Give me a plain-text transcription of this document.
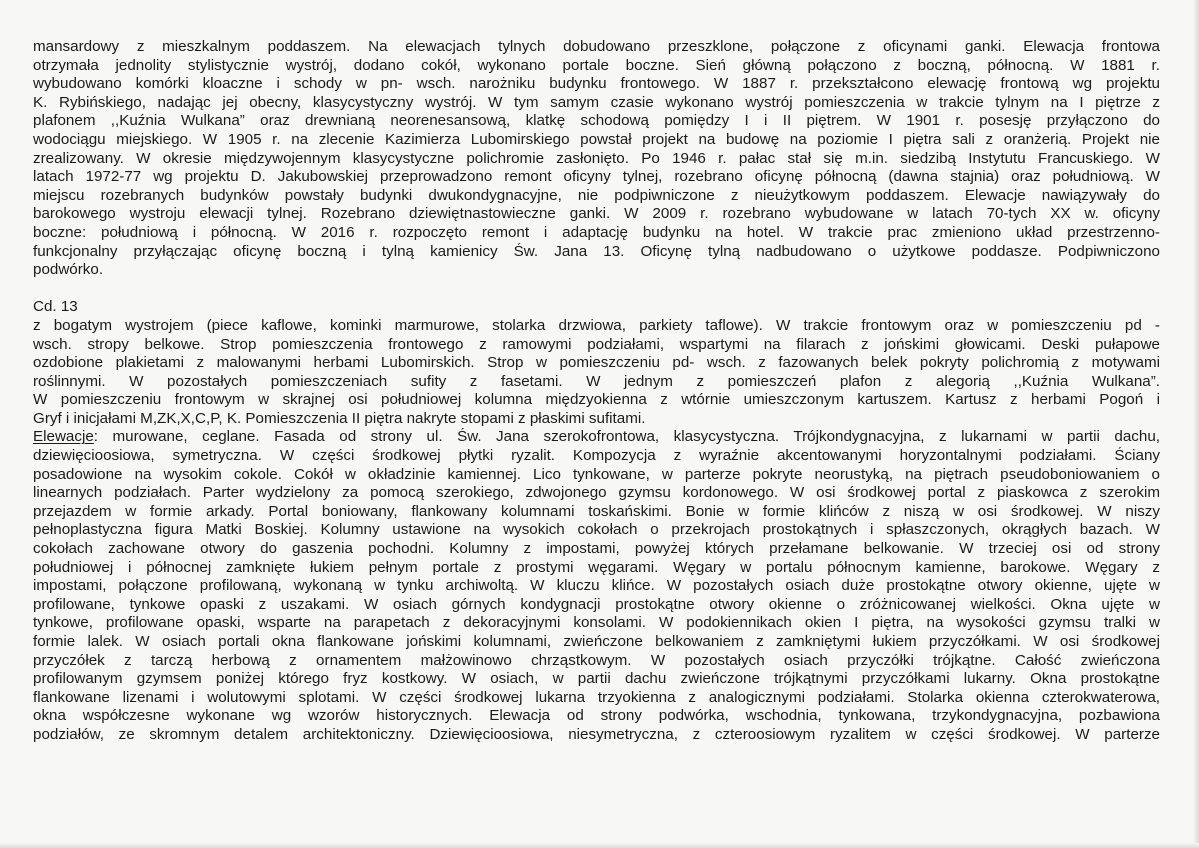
mansardowy z mieszkalnym poddaszem. Na elewacjach tylnych dobudowano przeszklone, połączone z oficynami ganki. Elewacja frontowa
otrzymała jednolity stylistycznie wystrój, dodano cokół, wykonano portale boczne. Sień główną połączono z boczną, północną. W 1881 r.
wybudowano komórki kloaczne i schody w pn- wsch. narożniku budynku frontowego. W 1887 r. przekształcono elewację frontową wg projektu
K. Rybińskiego, nadając jej obecny, klasycystyczny wystrój. W tym samym czasie wykonano wystrój pomieszczenia w trakcie tylnym na I piętrze z
plafonem ,,Kuźnia Wulkana” oraz drewnianą neorenesansową, klatkę schodową pomiędzy I i II piętrem. W 1901 r. posesję przyłączono do
wodociągu miejskiego. W 1905 r. na zlecenie Kazimierza Lubomirskiego powstał projekt na budowę na poziomie I piętra sali z oranżerią. Projekt nie
zrealizowany. W okresie międzywojennym klasycystyczne polichromie zasłonięto. Po 1946 r. pałac stał się m.in. siedzibą Instytutu Francuskiego. W
latach 1972-77 wg projektu D. Jakubowskiej przeprowadzono remont oficyny tylnej, rozebrano oficynę północną (dawna stajnia) oraz południową. W
miejscu rozebranych budynków powstały budynki dwukondygnacyjne, nie podpiwniczone z nieużytkowym poddaszem. Elewacje nawiązywały do
barokowego wystroju elewacji tylnej. Rozebrano dziewiętnastowieczne ganki. W 2009 r. rozebrano wybudowane w latach 70-tych XX w. oficyny
boczne: południową i północną. W 2016 r. rozpoczęto remont i adaptację budynku na hotel. W trakcie prac zmieniono układ przestrzenno-
funkcjonalny przyłączając oficynę boczną i tylną kamienicy Św. Jana 13. Oficynę tylną nadbudowano o użytkowe poddasze. Podpiwniczono
podwórko.
Cd. 13
z bogatym wystrojem (piece kaflowe, kominki marmurowe, stolarka drzwiowa, parkiety taflowe). W trakcie frontowym oraz w pomieszczeniu pd -
wsch. stropy belkowe. Strop pomieszczenia frontowego z ramowymi podziałami, wspartymi na filarach z jońskimi głowicami. Deski pułapowe
ozdobione plakietami z malowanymi herbami Lubomirskich. Strop w pomieszczeniu pd- wsch. z fazowanych belek pokryty polichromią z motywami
roślinnymi. W pozostałych pomieszczeniach sufity z fasetami. W jednym z pomieszczeń plafon z alegorią ,,Kuźnia Wulkana”.
W pomieszczeniu frontowym w skrajnej osi południowej kolumna międzyokienna z wtórnie umieszczonym kartuszem. Kartusz z herbami Pogoń i
Gryf i inicjałami M,ZK,X,C,P, K. Pomieszczenia II piętra nakryte stopami z płaskimi sufitami.
Elewacje: murowane, ceglane. Fasada od strony ul. Św. Jana szerokofrontowa, klasycystyczna. Trójkondygnacyjna, z lukarnami w partii dachu,
dziewięcioosiowa, symetryczna. W części środkowej płytki ryzalit. Kompozycja z wyraźnie akcentowanymi horyzontalnymi podziałami. Ściany
posadowione na wysokim cokole. Cokół w okładzinie kamiennej. Lico tynkowane, w parterze pokryte neorustyką, na piętrach pseudoboniowaniem o
linearnych podziałach. Parter wydzielony za pomocą szerokiego, zdwojonego gzymsu kordonowego. W osi środkowej portal z piaskowca z szerokim
przejazdem w formie arkady. Portal boniowany, flankowany kolumnami toskańskimi. Bonie w formie klińców z niszą w osi środkowej. W niszy
pełnoplastyczna figura Matki Boskiej. Kolumny ustawione na wysokich cokołach o przekrojach prostokątnych i spłaszczonych, okrągłych bazach. W
cokołach zachowane otwory do gaszenia pochodni. Kolumny z impostami, powyżej których przełamane belkowanie. W trzeciej osi od strony
południowej i północnej zamknięte łukiem pełnym portale z prostymi węgarami. Węgary w portalu północnym kamienne, barokowe. Węgary z
impostami, połączone profilowaną, wykonaną w tynku archiwoltą. W kluczu klińce. W pozostałych osiach duże prostokątne otwory okienne, ujęte w
profilowane, tynkowe opaski z uszakami. W osiach górnych kondygnacji prostokątne otwory okienne o zróżnicowanej wielkości. Okna ujęte w
tynkowe, profilowane opaski, wsparte na parapetach z dekoracyjnymi konsolami. W podokiennikach okien I piętra, na wysokości gzymsu tralki w
formie lalek. W osiach portali okna flankowane jońskimi kolumnami, zwieńczone belkowaniem z zamkniętymi łukiem przyczółkami. W osi środkowej
przyczółek z tarczą herbową z ornamentem małżowinowo chrząstkowym. W pozostałych osiach przyczółki trójkątne. Całość zwieńczona
profilowanym gzymsem poniżej którego fryz kostkowy. W osiach, w partii dachu zwieńczone trójkątnymi przyczółkami lukarny. Okna prostokątne
flankowane lizenami i wolutowymi splotami. W części środkowej lukarna trzyokienna z analogicznymi podziałami. Stolarka okienna czterokwaterowa,
okna współczesne wykonane wg wzorów historycznych. Elewacja od strony podwórka, wschodnia, tynkowana, trzykondygnacyjna, pozbawiona
podziałów, ze skromnym detalem architektoniczny. Dziewięcioosiowa, niesymetryczna, z czteroosiowym ryzalitem w części środkowej. W parterze
